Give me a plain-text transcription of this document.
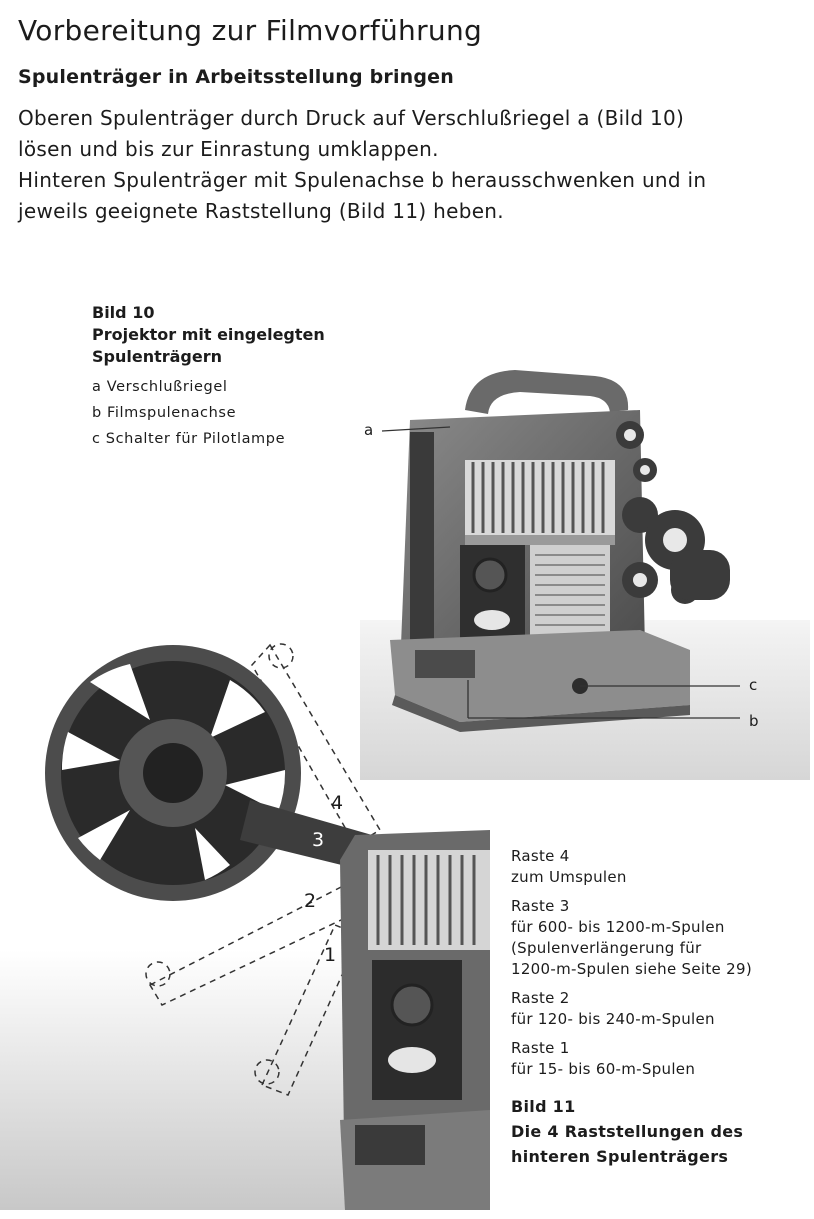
Vorbereitung zur Filmvorführung
Spulenträger in Arbeitsstellung bringen
Oberen Spulenträger durch Druck auf Verschlußriegel a (Bild 10)
lösen und bis zur Einrastung umklappen.
Hinteren Spulenträger mit Spulenachse b herausschwenken und in
jeweils geeignete Raststellung (Bild 11) heben.
Bild 10
Projektor mit eingelegten
Spulenträgern
a Verschlußriegel
b Filmspulenachse
c Schalter für Pilotlampe	a
c
b
3
4
2
1

Raste 4

zum Umspulen

Raste 3

für 600- bis 1200-m-Spulen

(Spulenverlängerung für

1200-m-Spulen siehe Seite 29)

Raste 2

für 120- bis 240-m-Spulen

Raste 1

für 15- bis 60-m-Spulen

Bild 11
Die 4 Raststellungen des
hinteren Spulenträgers
